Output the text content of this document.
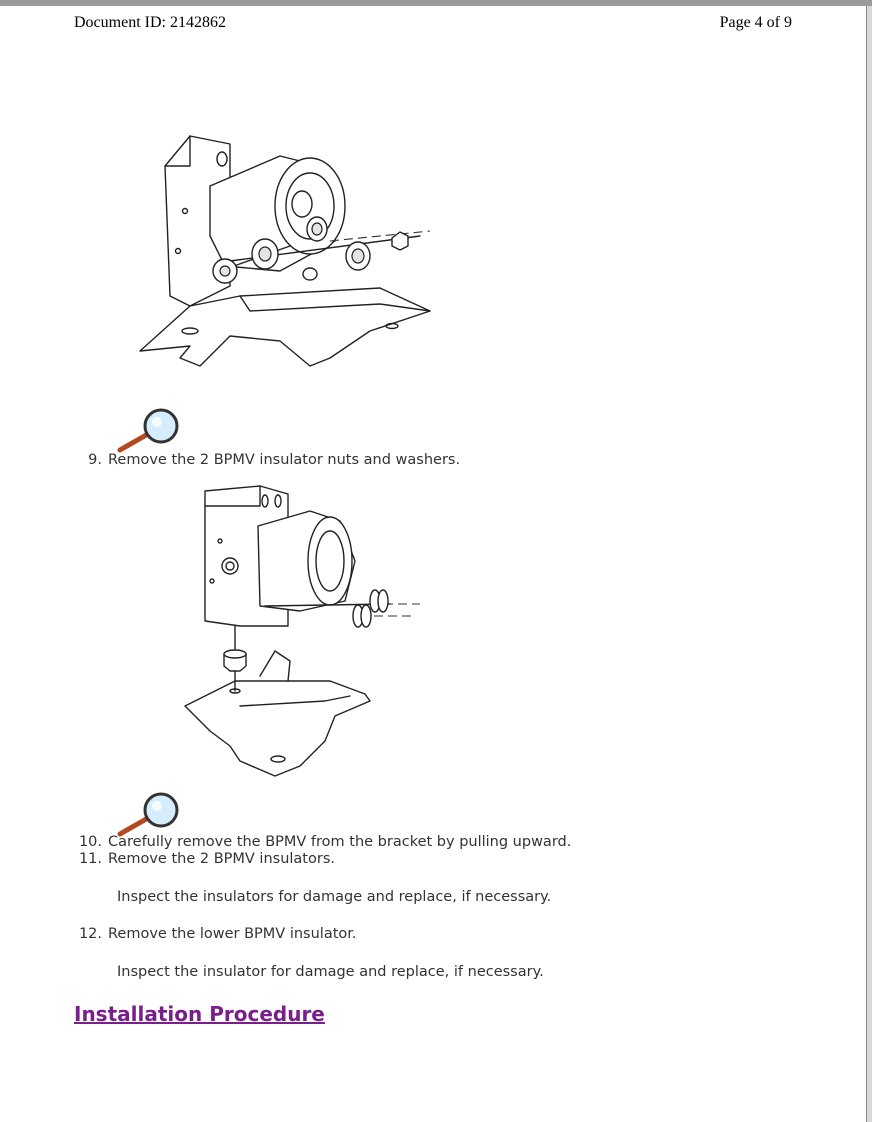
Document ID: 2142862	Page 4 of 9
9. Remove the 2 BPMV insulator nuts and washers.
10. Carefully remove the BPMV from the bracket by pulling upward.
11. Remove the 2 BPMV insulators.
Inspect the insulators for damage and replace, if necessary.
12. Remove the lower BPMV insulator.
Inspect the insulator for damage and replace, if necessary.
Installation Procedure
